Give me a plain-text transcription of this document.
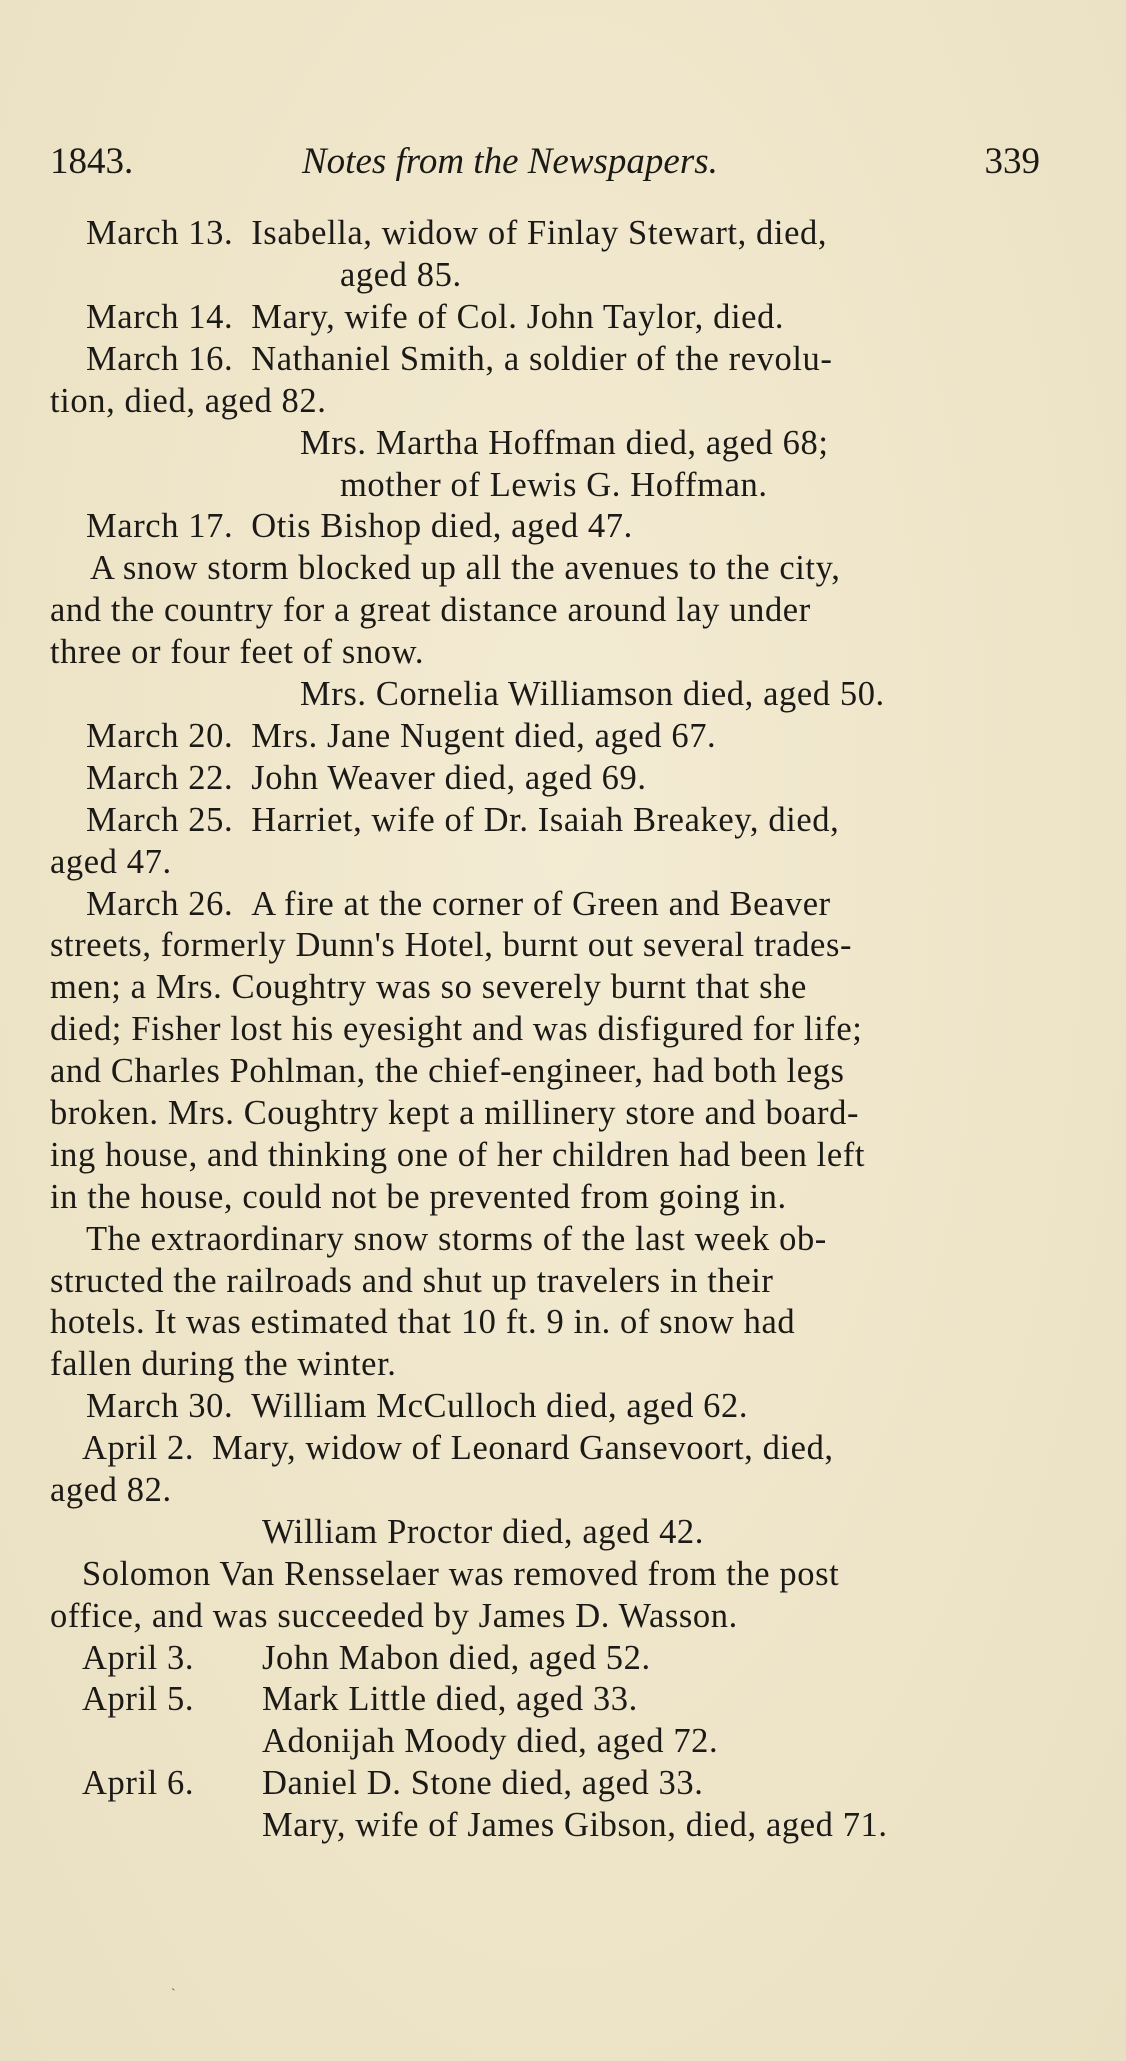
1843.	Notes from the Newspapers.	339
March 13. Isabella, widow of Finlay Stewart, died,
aged 85.
March 14. Mary, wife of Col. John Taylor, died.
March 16. Nathaniel Smith, a soldier of the revolu-
tion, died, aged 82.
Mrs. Martha Hoffman died, aged 68;
mother of Lewis G. Hoffman.
March 17. Otis Bishop died, aged 47.
A snow storm blocked up all the avenues to the city,
and the country for a great distance around lay under
three or four feet of snow.
Mrs. Cornelia Williamson died, aged 50.
March 20. Mrs. Jane Nugent died, aged 67.
March 22. John Weaver died, aged 69.
March 25. Harriet, wife of Dr. Isaiah Breakey, died,
aged 47.
March 26. A fire at the corner of Green and Beaver
streets, formerly Dunn's Hotel, burnt out several trades-
men; a Mrs. Coughtry was so severely burnt that she
died; Fisher lost his eyesight and was disfigured for life;
and Charles Pohlman, the chief-engineer, had both legs
broken. Mrs. Coughtry kept a millinery store and board-
ing house, and thinking one of her children had been left
in the house, could not be prevented from going in.
The extraordinary snow storms of the last week ob-
structed the railroads and shut up travelers in their
hotels. It was estimated that 10 ft. 9 in. of snow had
fallen during the winter.
March 30. William McCulloch died, aged 62.
April 2. Mary, widow of Leonard Gansevoort, died,
aged 82.
William Proctor died, aged 42.
Solomon Van Rensselaer was removed from the post
office, and was succeeded by James D. Wasson.
April 3. John Mabon died, aged 52.
April 5. Mark Little died, aged 33.
Adonijah Moody died, aged 72.
April 6. Daniel D. Stone died, aged 33.
Mary, wife of James Gibson, died, aged 71.
`
